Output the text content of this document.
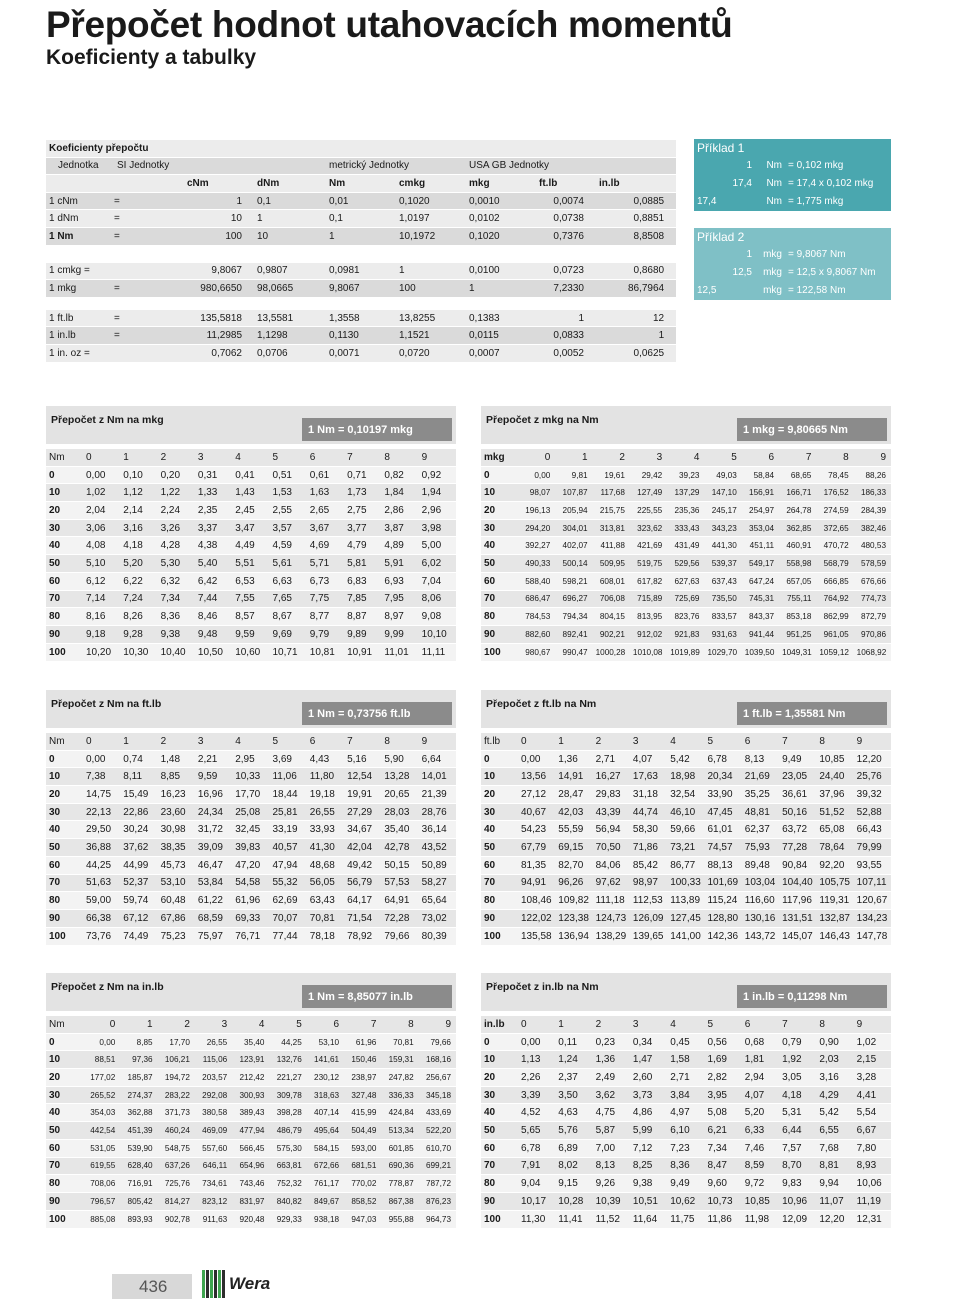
Přepočet hodnot utahovacích momentů
Koeficienty a tabulky
Koeficienty přepočtu									
Jednotka	SI Jednotky			metrický Jednotky		USA GB Jednotky			
		cNm	dNm	Nm	cmkg	mkg	ft.lb	in.lb	
1 cNm	=	1	0,1	0,01	0,1020	0,0010	0,0074	0,0885	
1 dNm	=	10	1	0,1	1,0197	0,0102	0,0738	0,8851	
1 Nm	=	100	10	1	10,1972	0,1020	0,7376	8,8508	

1 cmkg =		9,8067	0,9807	0,0981	1	0,0100	0,0723	0,8680	
1 mkg	=	980,6650	98,0665	9,8067	100	1	7,2330	86,7964	

1 ft.lb	=	135,5818	13,5581	1,3558	13,8255	0,1383	1	12	
1 in.lb	=	11,2985	1,1298	0,1130	1,1521	0,0115	0,0833	1	
1 in. oz =		0,7062	0,0706	0,0071	0,0720	0,0007	0,0052	0,0625	
Příklad 1
1	Nm = 0,102 mkg
17,4	Nm = 17,4 x 0,102 mkg
17,4	Nm = 1,775 mkg
Příklad 2
1	mkg = 9,8067 Nm
12,5	mkg = 12,5 x 9,8067 Nm
12,5	mkg = 122,58 Nm
Přepočet z Nm na mkg
1 Nm = 0,10197 mkg
Nm	0	1	2	3	4	5	6	7	8	9
0	0,00	0,10	0,20	0,31	0,41	0,51	0,61	0,71	0,82	0,92
10	1,02	1,12	1,22	1,33	1,43	1,53	1,63	1,73	1,84	1,94
20	2,04	2,14	2,24	2,35	2,45	2,55	2,65	2,75	2,86	2,96
30	3,06	3,16	3,26	3,37	3,47	3,57	3,67	3,77	3,87	3,98
40	4,08	4,18	4,28	4,38	4,49	4,59	4,69	4,79	4,89	5,00
50	5,10	5,20	5,30	5,40	5,51	5,61	5,71	5,81	5,91	6,02
60	6,12	6,22	6,32	6,42	6,53	6,63	6,73	6,83	6,93	7,04
70	7,14	7,24	7,34	7,44	7,55	7,65	7,75	7,85	7,95	8,06
80	8,16	8,26	8,36	8,46	8,57	8,67	8,77	8,87	8,97	9,08
90	9,18	9,28	9,38	9,48	9,59	9,69	9,79	9,89	9,99	10,10
100	10,20	10,30	10,40	10,50	10,60	10,71	10,81	10,91	11,01	11,11
Přepočet z mkg na Nm
1 mkg = 9,80665 Nm
mkg	0	1	2	3	4	5	6	7	8	9
0	0,00	9,81	19,61	29,42	39,23	49,03	58,84	68,65	78,45	88,26
10	98,07	107,87	117,68	127,49	137,29	147,10	156,91	166,71	176,52	186,33
20	196,13	205,94	215,75	225,55	235,36	245,17	254,97	264,78	274,59	284,39
30	294,20	304,01	313,81	323,62	333,43	343,23	353,04	362,85	372,65	382,46
40	392,27	402,07	411,88	421,69	431,49	441,30	451,11	460,91	470,72	480,53
50	490,33	500,14	509,95	519,75	529,56	539,37	549,17	558,98	568,79	578,59
60	588,40	598,21	608,01	617,82	627,63	637,43	647,24	657,05	666,85	676,66
70	686,47	696,27	706,08	715,89	725,69	735,50	745,31	755,11	764,92	774,73
80	784,53	794,34	804,15	813,95	823,76	833,57	843,37	853,18	862,99	872,79
90	882,60	892,41	902,21	912,02	921,83	931,63	941,44	951,25	961,05	970,86
100	980,67	990,47	1000,28	1010,08	1019,89	1029,70	1039,50	1049,31	1059,12	1068,92
Přepočet z Nm na ft.lb
1 Nm = 0,73756 ft.lb
Nm	0	1	2	3	4	5	6	7	8	9
0	0,00	0,74	1,48	2,21	2,95	3,69	4,43	5,16	5,90	6,64
10	7,38	8,11	8,85	9,59	10,33	11,06	11,80	12,54	13,28	14,01
20	14,75	15,49	16,23	16,96	17,70	18,44	19,18	19,91	20,65	21,39
30	22,13	22,86	23,60	24,34	25,08	25,81	26,55	27,29	28,03	28,76
40	29,50	30,24	30,98	31,72	32,45	33,19	33,93	34,67	35,40	36,14
50	36,88	37,62	38,35	39,09	39,83	40,57	41,30	42,04	42,78	43,52
60	44,25	44,99	45,73	46,47	47,20	47,94	48,68	49,42	50,15	50,89
70	51,63	52,37	53,10	53,84	54,58	55,32	56,05	56,79	57,53	58,27
80	59,00	59,74	60,48	61,22	61,96	62,69	63,43	64,17	64,91	65,64
90	66,38	67,12	67,86	68,59	69,33	70,07	70,81	71,54	72,28	73,02
100	73,76	74,49	75,23	75,97	76,71	77,44	78,18	78,92	79,66	80,39
Přepočet z ft.lb na Nm
1 ft.lb = 1,35581 Nm
ft.lb	0	1	2	3	4	5	6	7	8	9
0	0,00	1,36	2,71	4,07	5,42	6,78	8,13	9,49	10,85	12,20
10	13,56	14,91	16,27	17,63	18,98	20,34	21,69	23,05	24,40	25,76
20	27,12	28,47	29,83	31,18	32,54	33,90	35,25	36,61	37,96	39,32
30	40,67	42,03	43,39	44,74	46,10	47,45	48,81	50,16	51,52	52,88
40	54,23	55,59	56,94	58,30	59,66	61,01	62,37	63,72	65,08	66,43
50	67,79	69,15	70,50	71,86	73,21	74,57	75,93	77,28	78,64	79,99
60	81,35	82,70	84,06	85,42	86,77	88,13	89,48	90,84	92,20	93,55
70	94,91	96,26	97,62	98,97	100,33	101,69	103,04	104,40	105,75	107,11
80	108,46	109,82	111,18	112,53	113,89	115,24	116,60	117,96	119,31	120,67
90	122,02	123,38	124,73	126,09	127,45	128,80	130,16	131,51	132,87	134,23
100	135,58	136,94	138,29	139,65	141,00	142,36	143,72	145,07	146,43	147,78
Přepočet z Nm na in.lb
1 Nm = 8,85077 in.lb
Nm	0	1	2	3	4	5	6	7	8	9
0	0,00	8,85	17,70	26,55	35,40	44,25	53,10	61,96	70,81	79,66
10	88,51	97,36	106,21	115,06	123,91	132,76	141,61	150,46	159,31	168,16
20	177,02	185,87	194,72	203,57	212,42	221,27	230,12	238,97	247,82	256,67
30	265,52	274,37	283,22	292,08	300,93	309,78	318,63	327,48	336,33	345,18
40	354,03	362,88	371,73	380,58	389,43	398,28	407,14	415,99	424,84	433,69
50	442,54	451,39	460,24	469,09	477,94	486,79	495,64	504,49	513,34	522,20
60	531,05	539,90	548,75	557,60	566,45	575,30	584,15	593,00	601,85	610,70
70	619,55	628,40	637,26	646,11	654,96	663,81	672,66	681,51	690,36	699,21
80	708,06	716,91	725,76	734,61	743,46	752,32	761,17	770,02	778,87	787,72
90	796,57	805,42	814,27	823,12	831,97	840,82	849,67	858,52	867,38	876,23
100	885,08	893,93	902,78	911,63	920,48	929,33	938,18	947,03	955,88	964,73
Přepočet z in.lb na Nm
1 in.lb = 0,11298 Nm
in.lb	0	1	2	3	4	5	6	7	8	9
0	0,00	0,11	0,23	0,34	0,45	0,56	0,68	0,79	0,90	1,02
10	1,13	1,24	1,36	1,47	1,58	1,69	1,81	1,92	2,03	2,15
20	2,26	2,37	2,49	2,60	2,71	2,82	2,94	3,05	3,16	3,28
30	3,39	3,50	3,62	3,73	3,84	3,95	4,07	4,18	4,29	4,41
40	4,52	4,63	4,75	4,86	4,97	5,08	5,20	5,31	5,42	5,54
50	5,65	5,76	5,87	5,99	6,10	6,21	6,33	6,44	6,55	6,67
60	6,78	6,89	7,00	7,12	7,23	7,34	7,46	7,57	7,68	7,80
70	7,91	8,02	8,13	8,25	8,36	8,47	8,59	8,70	8,81	8,93
80	9,04	9,15	9,26	9,38	9,49	9,60	9,72	9,83	9,94	10,06
90	10,17	10,28	10,39	10,51	10,62	10,73	10,85	10,96	11,07	11,19
100	11,30	11,41	11,52	11,64	11,75	11,86	11,98	12,09	12,20	12,31
436	Wera
